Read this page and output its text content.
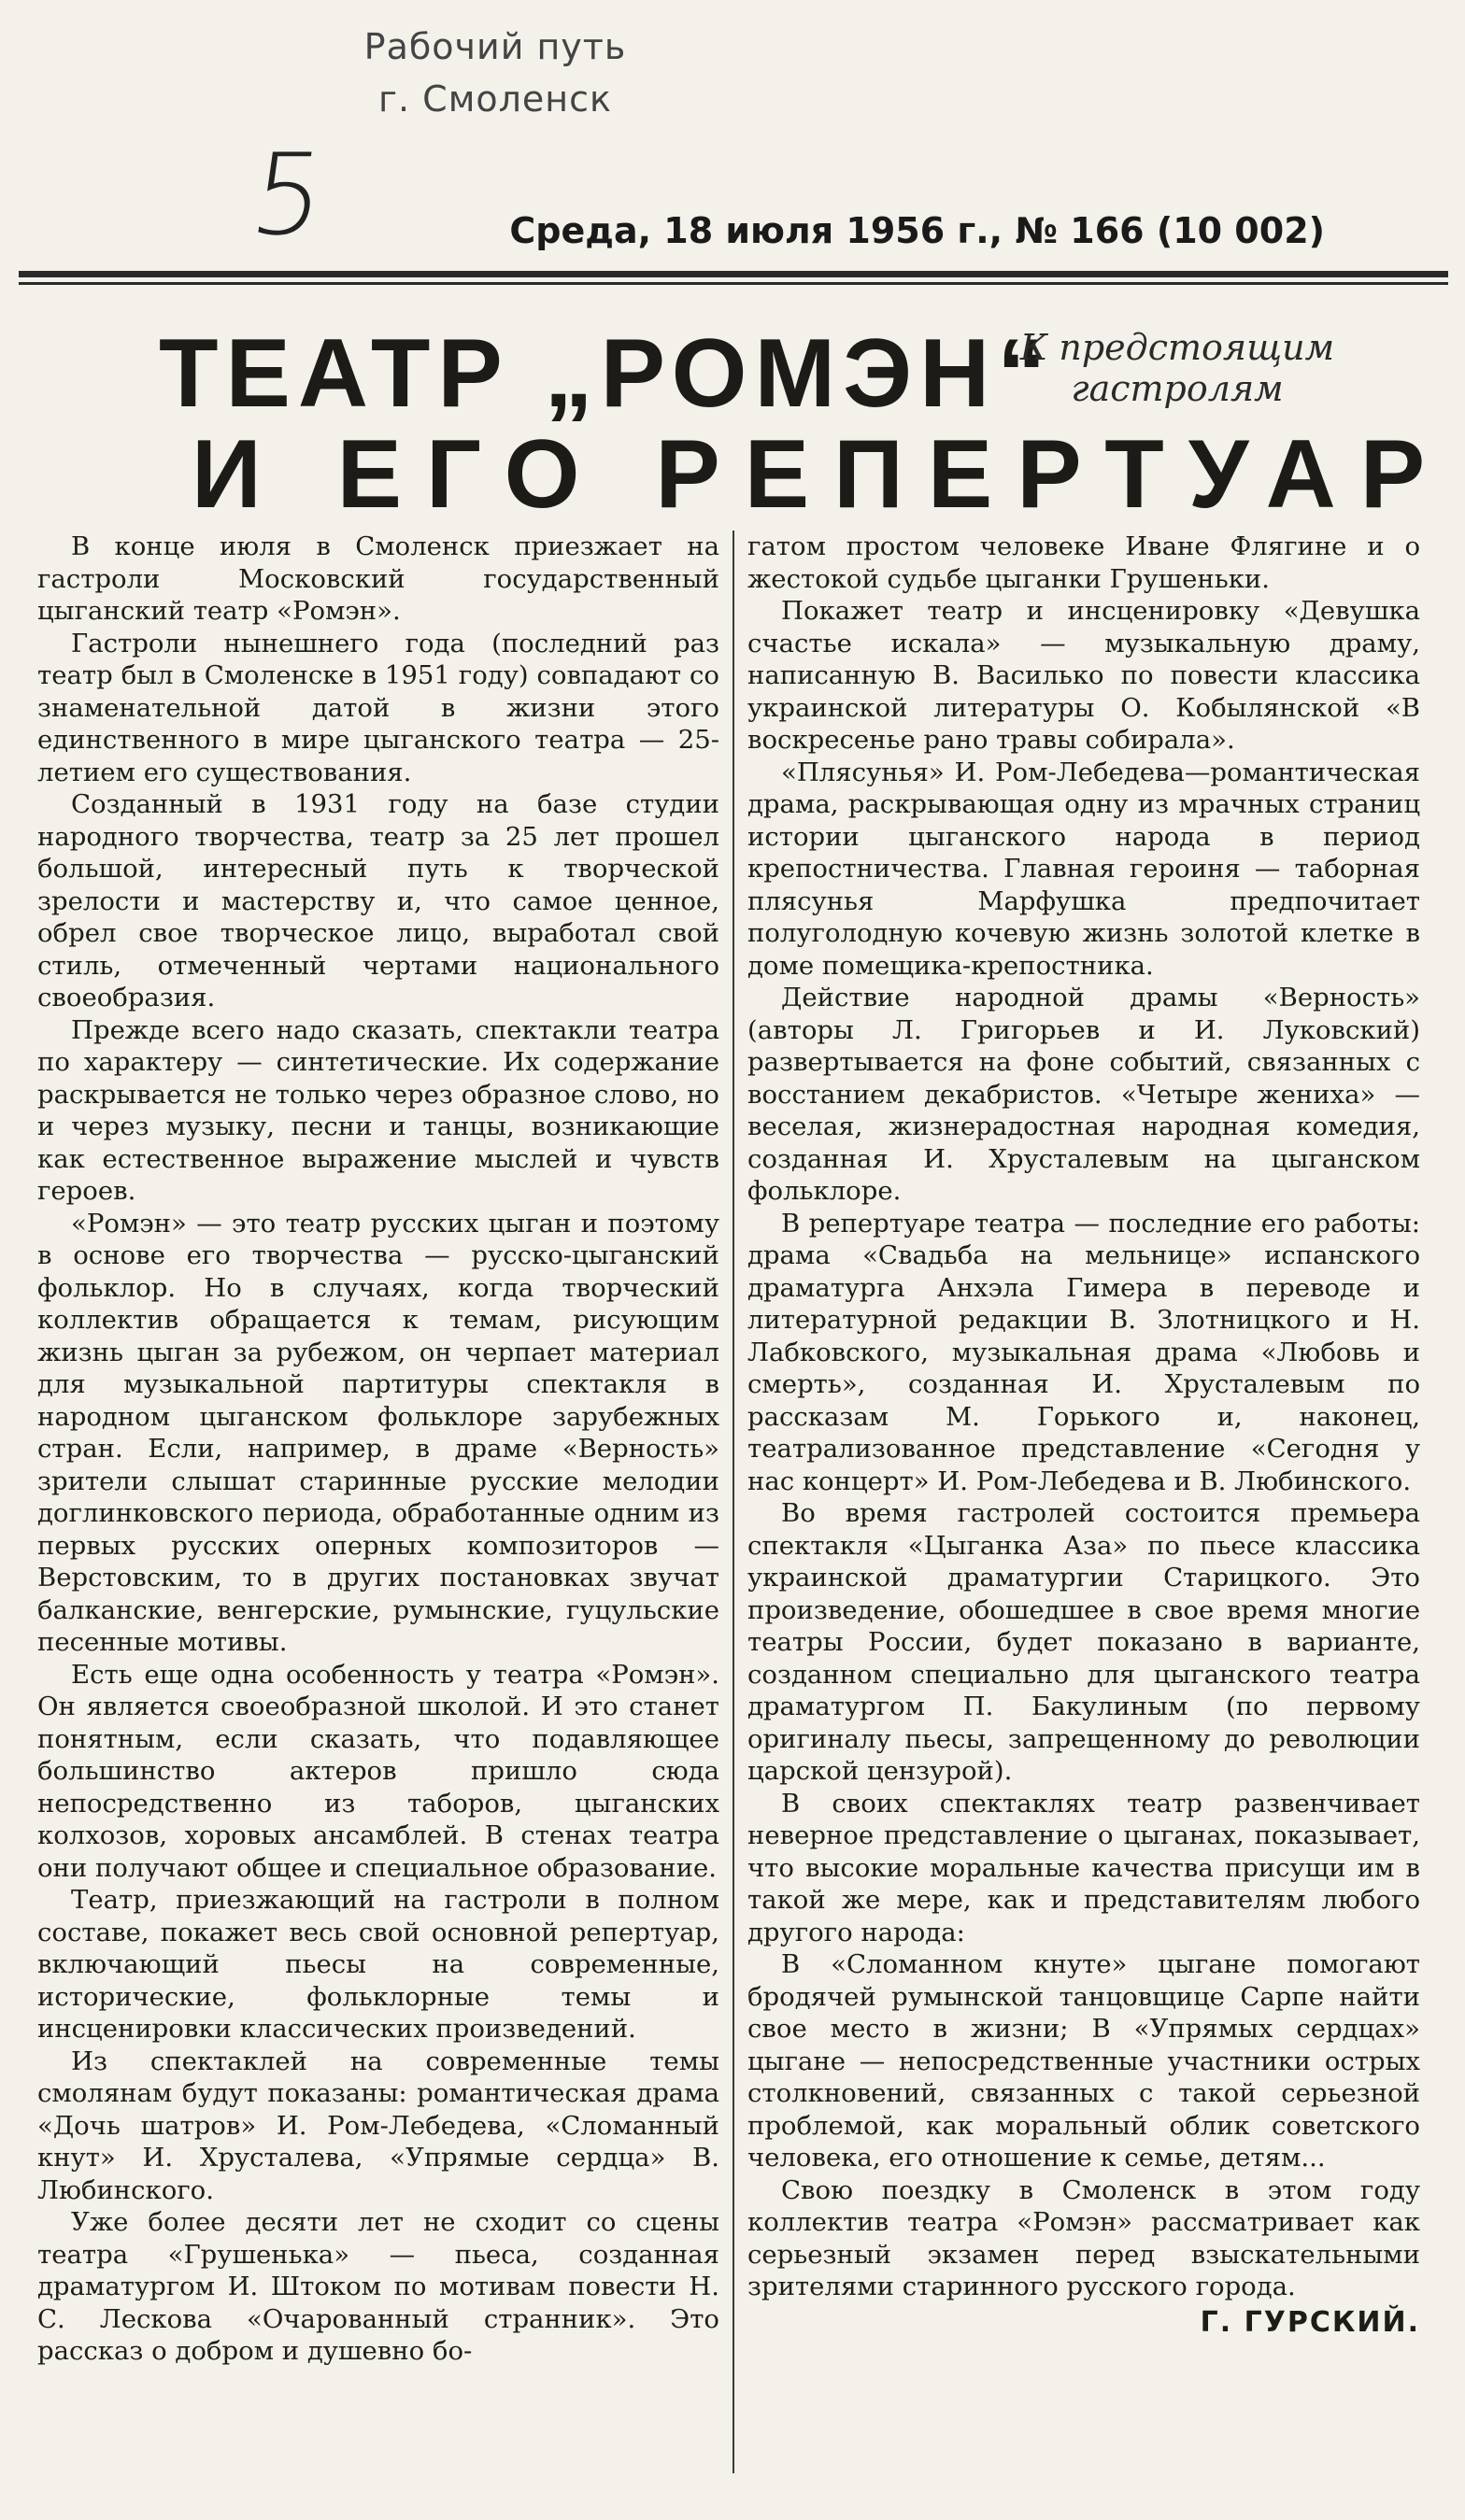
Рабочий путь
г. Смоленск
5	Среда, 18 июля 1956 г., № 166 (10 002)
ТЕАТР „РОМЭН“
И ЕГО РЕПЕРТУАР
К предстоящим
гастролям

В конце июля в Смоленск приезжает на гастроли Московский государственный цыганский театр «Ромэн».

Гастроли нынешнего года (последний раз театр был в Смоленске в 1951 году) совпадают со знаменательной датой в жизни этого единственного в мире цыганского театра — 25-летием его существования.

Созданный в 1931 году на базе студии народного творчества, театр за 25 лет прошел большой, интересный путь к творческой зрелости и мастерству и, что самое ценное, обрел свое творческое лицо, выработал свой стиль, отмеченный чертами национального своеобразия.

Прежде всего надо сказать, спектакли театра по характеру — синтетические. Их содержание раскрывается не только через образное слово, но и через музыку, песни и танцы, возникающие как естественное выражение мыслей и чувств героев.

«Ромэн» — это театр русских цыган и поэтому в основе его творчества — русско-цыганский фольклор. Но в случаях, когда творческий коллектив обращается к темам, рисующим жизнь цыган за рубежом, он черпает материал для музыкальной партитуры спектакля в народном цыганском фольклоре зарубежных стран. Если, например, в драме «Верность» зрители слышат старинные русские мелодии доглинковского периода, обработанные одним из первых русских оперных композиторов — Верстовским, то в других постановках звучат балканские, венгерские, румынские, гуцульские песенные мотивы.

Есть еще одна особенность у театра «Ромэн». Он является своеобразной школой. И это станет понятным, если сказать, что подавляющее большинство актеров пришло сюда непосредственно из таборов, цыганских колхозов, хоровых ансамблей. В стенах театра они получают общее и специальное образование.

Театр, приезжающий на гастроли в полном составе, покажет весь свой основной репертуар, включающий пьесы на современные, исторические, фольклорные темы и инсценировки классических произведений.

Из спектаклей на современные темы смолянам будут показаны: романтическая драма «Дочь шатров» И. Ром-Лебедева, «Сломанный кнут» И. Хрусталева, «Упрямые сердца» В. Любинского.

Уже более десяти лет не сходит со сцены театра «Грушенька» — пьеса, созданная драматургом И. Штоком по мотивам повести Н. С. Лескова «Очарованный странник». Это рассказ о добром и душевно бо-

гатом простом человеке Иване Флягине и о жестокой судьбе цыганки Грушеньки.

Покажет театр и инсценировку «Девушка счастье искала» — музыкальную драму, написанную В. Василько по повести классика украинской литературы О. Кобылянской «В воскресенье рано травы собирала».

«Плясунья» И. Ром-Лебедева—романтическая драма, раскрывающая одну из мрачных страниц истории цыганского народа в период крепостничества. Главная героиня — таборная плясунья Марфушка предпочитает полуголодную кочевую жизнь золотой клетке в доме помещика-крепостника.

Действие народной драмы «Верность» (авторы Л. Григорьев и И. Луковский) развертывается на фоне событий, связанных с восстанием декабристов. «Четыре жениха» — веселая, жизнерадостная народная комедия, созданная И. Хрусталевым на цыганском фольклоре.

В репертуаре театра — последние его работы: драма «Свадьба на мельнице» испанского драматурга Анхэла Гимера в переводе и литературной редакции В. Злотницкого и Н. Лабковского, музыкальная драма «Любовь и смерть», созданная И. Хрусталевым по рассказам М. Горького и, наконец, театрализованное представление «Сегодня у нас концерт» И. Ром-Лебедева и В. Любинского.

Во время гастролей состоится премьера спектакля «Цыганка Аза» по пьесе классика украинской драматургии Старицкого. Это произведение, обошедшее в свое время многие театры России, будет показано в варианте, созданном специально для цыганского театра драматургом П. Бакулиным (по первому оригиналу пьесы, запрещенному до революции царской цензурой).

В своих спектаклях театр развенчивает неверное представление о цыганах, показывает, что высокие моральные качества присущи им в такой же мере, как и представителям любого другого народа:

В «Сломанном кнуте» цыгане помогают бродячей румынской танцовщице Сарпе найти свое место в жизни; В «Упрямых сердцах» цыгане — непосредственные участники острых столкновений, связанных с такой серьезной проблемой, как моральный облик советского человека, его отношение к семье, детям...

Свою поездку в Смоленск в этом году коллектив театра «Ромэн» рассматривает как серьезный экзамен перед взыскательными зрителями старинного русского города.

Г. ГУРСКИЙ.
